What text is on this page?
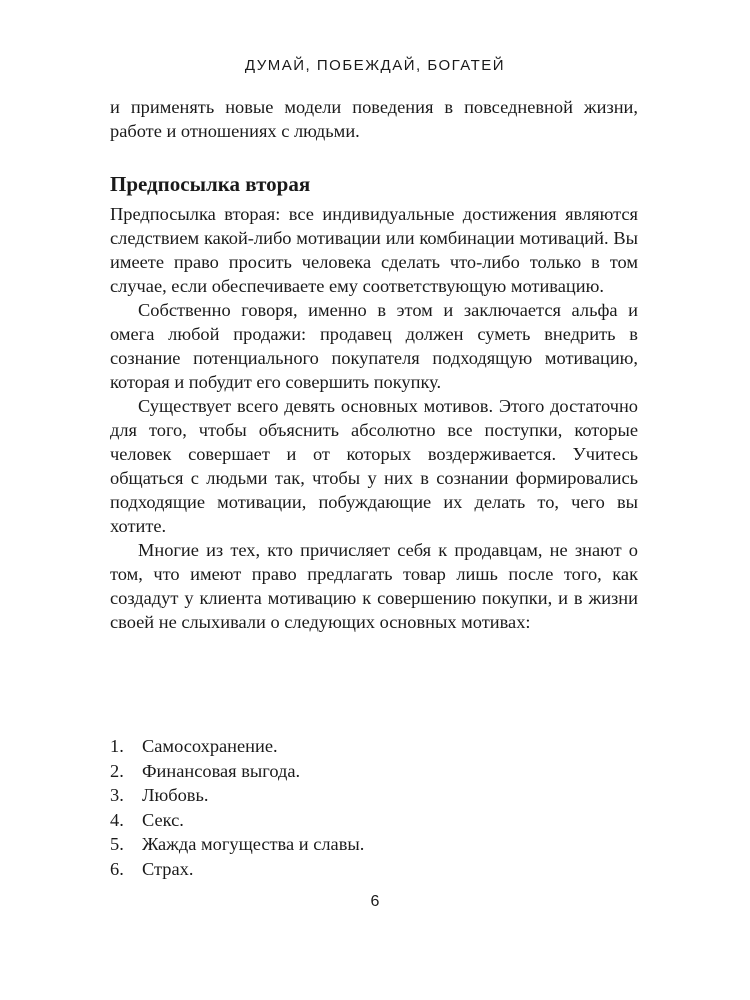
ДУМАЙ, ПОБЕЖДАЙ, БОГАТЕЙ

и применять новые модели поведения в повседневной жизни, работе и отношениях с людьми.

Предпосылка вторая

Предпосылка вторая: все индивидуальные достижения являются следствием какой-либо мотивации или комбинации мотиваций. Вы имеете право просить человека сделать что-либо только в том случае, если обеспечиваете ему соответствующую мотивацию.

Собственно говоря, именно в этом и заключается альфа и омега любой продажи: продавец должен суметь внедрить в сознание потенциального покупателя подходящую мотивацию, которая и побудит его совершить покупку.

Существует всего девять основных мотивов. Этого достаточно для того, чтобы объяснить абсолютно все поступки, которые человек совершает и от которых воздерживается. Учитесь общаться с людьми так, чтобы у них в сознании формировались подходящие мотивации, побуждающие их делать то, чего вы хотите.

Многие из тех, кто причисляет себя к продавцам, не знают о том, что имеют право предлагать товар лишь после того, как создадут у клиента мотивацию к совершению покупки, и в жизни своей не слыхивали о следующих основных мотивах:

1. Самосохранение.
2. Финансовая выгода.
3. Любовь.
4. Секс.
5. Жажда могущества и славы.
6. Страх.
6
